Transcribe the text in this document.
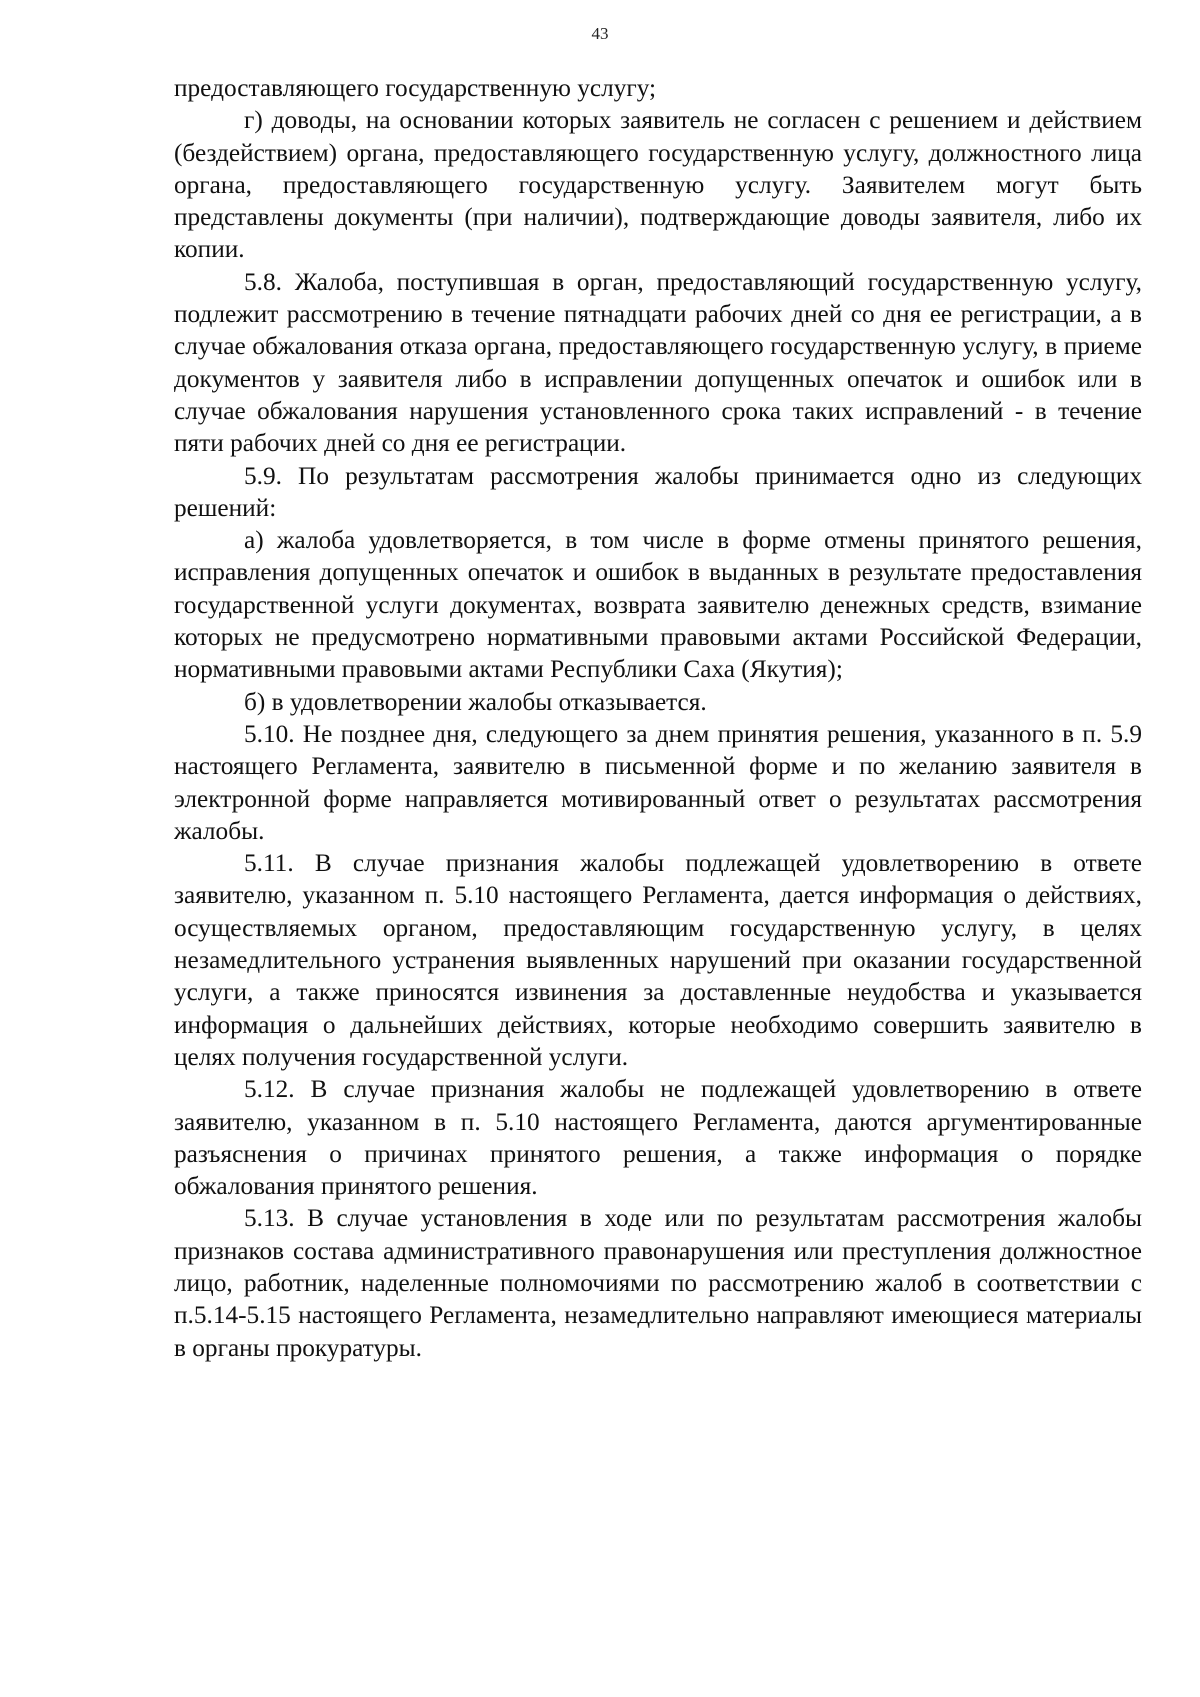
43

предоставляющего государственную услугу;

г) доводы, на основании которых заявитель не согласен с решением и действием (бездействием) органа, предоставляющего государственную услугу, должностного лица органа, предоставляющего государственную услугу. Заявителем могут быть представлены документы (при наличии), подтверждающие доводы заявителя, либо их копии.

5.8. Жалоба, поступившая в орган, предоставляющий государственную услугу, подлежит рассмотрению в течение пятнадцати рабочих дней со дня ее регистрации, а в случае обжалования отказа органа, предоставляющего государственную услугу, в приеме документов у заявителя либо в исправлении допущенных опечаток и ошибок или в случае обжалования нарушения установленного срока таких исправлений - в течение пяти рабочих дней со дня ее регистрации.

5.9. По результатам рассмотрения жалобы принимается одно из следующих решений:

а) жалоба удовлетворяется, в том числе в форме отмены принятого решения, исправления допущенных опечаток и ошибок в выданных в результате предоставления государственной услуги документах, возврата заявителю денежных средств, взимание которых не предусмотрено нормативными правовыми актами Российской Федерации, нормативными правовыми актами Республики Саха (Якутия);

б) в удовлетворении жалобы отказывается.

5.10. Не позднее дня, следующего за днем принятия решения, указанного в п. 5.9 настоящего Регламента, заявителю в письменной форме и по желанию заявителя в электронной форме направляется мотивированный ответ о результатах рассмотрения жалобы.

5.11. В случае признания жалобы подлежащей удовлетворению в ответе заявителю, указанном п. 5.10 настоящего Регламента, дается информация о действиях, осуществляемых органом, предоставляющим государственную услугу, в целях незамедлительного устранения выявленных нарушений при оказании государственной услуги, а также приносятся извинения за доставленные неудобства и указывается информация о дальнейших действиях, которые необходимо совершить заявителю в целях получения государственной услуги.

5.12. В случае признания жалобы не подлежащей удовлетворению в ответе заявителю, указанном в п. 5.10 настоящего Регламента, даются аргументированные разъяснения о причинах принятого решения, а также информация о порядке обжалования принятого решения.

5.13. В случае установления в ходе или по результатам рассмотрения жалобы признаков состава административного правонарушения или преступления должностное лицо, работник, наделенные полномочиями по рассмотрению жалоб в соответствии с п.5.14-5.15 настоящего Регламента, незамедлительно направляют имеющиеся материалы в органы прокуратуры.
